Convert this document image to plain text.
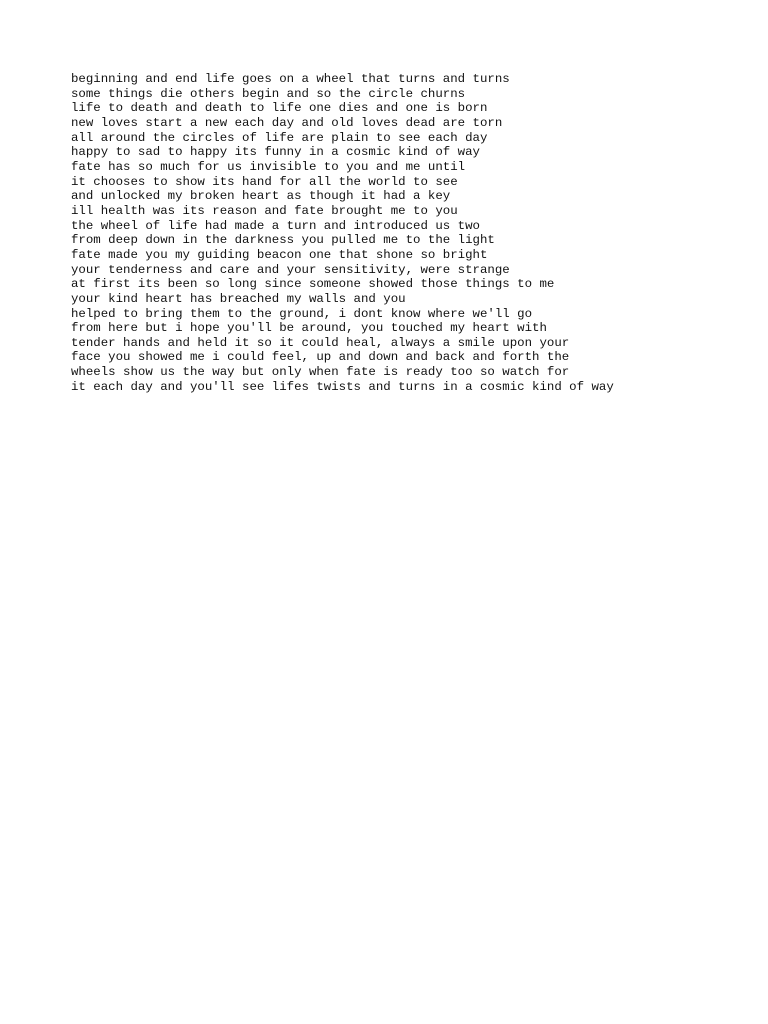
beginning and end life goes on a wheel that turns and turns
some things die others begin and so the circle churns
life to death and death to life one dies and one is born
new loves start a new each day and old loves dead are torn
all around the circles of life are plain to see each day
happy to sad to happy its funny in a cosmic kind of way
fate has so much for us invisible to you and me until
it chooses to show its hand for all the world to see
and unlocked my broken heart as though it had a key
ill health was its reason and fate brought me to you
the wheel of life had made a turn and introduced us two
from deep down in the darkness you pulled me to the light
fate made you my guiding beacon one that shone so bright
your tenderness and care and your sensitivity, were strange
at first its been so long since someone showed those things to me
your kind heart has breached my walls and you
helped to bring them to the ground, i dont know where we'll go
from here but i hope you'll be around, you touched my heart with
tender hands and held it so it could heal, always a smile upon your
face you showed me i could feel, up and down and back and forth the
wheels show us the way but only when fate is ready too so watch for
it each day and you'll see lifes twists and turns in a cosmic kind of way
